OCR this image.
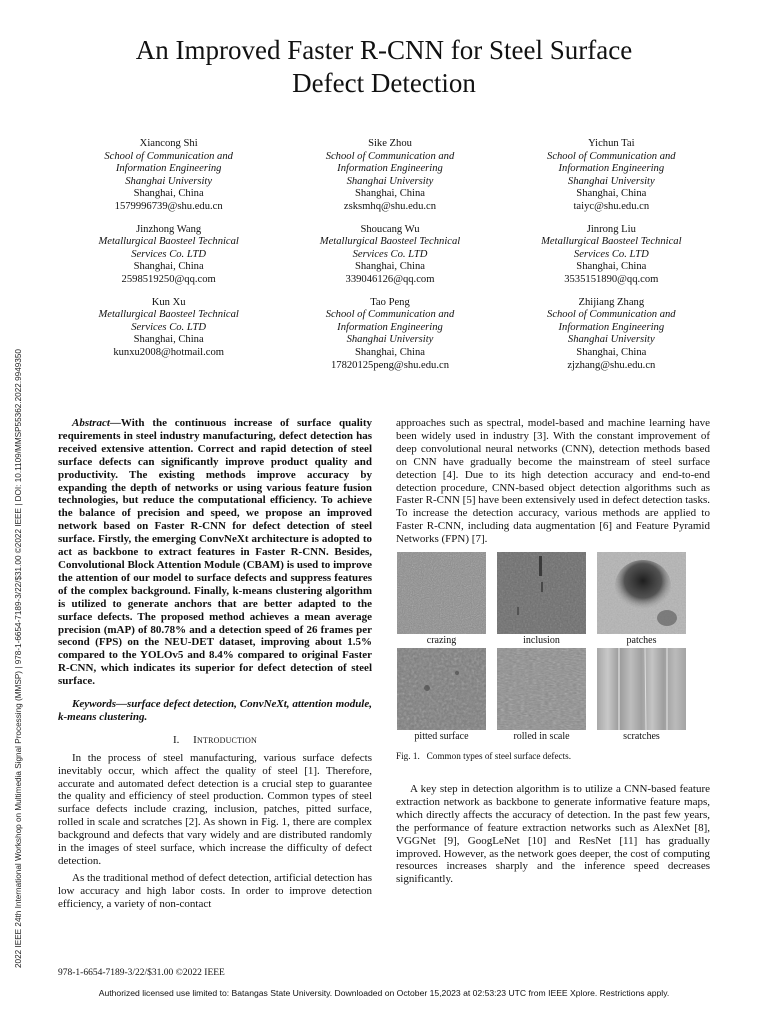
An Improved Faster R-CNN for Steel Surface
Defect Detection
Xiancong Shi
School of Communication and
Information Engineering
Shanghai University
Shanghai, China
1579996739@shu.edu.cn
Sike Zhou
School of Communication and
Information Engineering
Shanghai University
Shanghai, China
zsksmhq@shu.edu.cn
Yichun Tai
School of Communication and
Information Engineering
Shanghai University
Shanghai, China
taiyc@shu.edu.cn
Jinzhong Wang
Metallurgical Baosteel Technical
Services Co. LTD
Shanghai, China
2598519250@qq.com
Shoucang Wu
Metallurgical Baosteel Technical
Services Co. LTD
Shanghai, China
339046126@qq.com
Jinrong Liu
Metallurgical Baosteel Technical
Services Co. LTD
Shanghai, China
3535151890@qq.com
Kun Xu
Metallurgical Baosteel Technical
Services Co. LTD
Shanghai, China
kunxu2008@hotmail.com
Tao Peng
School of Communication and
Information Engineering
Shanghai University
Shanghai, China
17820125peng@shu.edu.cn
Zhijiang Zhang
School of Communication and
Information Engineering
Shanghai University
Shanghai, China
zjzhang@shu.edu.cn
2022 IEEE 24th International Workshop on Multimedia Signal Processing (MMSP) | 978-1-6654-7189-3/22/$31.00 ©2022 IEEE | DOI: 10.1109/MMSP55362.2022.9949350	Abstract—With the continuous increase of surface quality requirements in steel industry manufacturing, defect detection has received extensive attention. Correct and rapid detection of steel surface defects can significantly improve product quality and productivity. The existing methods improve accuracy by expanding the depth of networks or using various feature fusion technologies, but reduce the computational efficiency. To achieve the balance of precision and speed, we propose an improved network based on Faster R-CNN for defect detection of steel surface. Firstly, the emerging ConvNeXt architecture is adopted to act as backbone to extract features in Faster R-CNN. Besides, Convolutional Block Attention Module (CBAM) is used to improve the attention of our model to surface defects and suppress features of the complex background. Finally, k-means clustering algorithm is utilized to generate anchors that are better adapted to the surface defects. The proposed method achieves a mean average precision (mAP) of 80.78% and a detection speed of 26 frames per second (FPS) on the NEU-DET dataset, improving about 1.5% compared to the YOLOv5 and 8.4% compared to original Faster R-CNN, which indicates its superior for defect detection of steel surface.

Keywords—surface defect detection, ConvNeXt, attention module, k-means clustering.

I. Introduction

In the process of steel manufacturing, various surface defects inevitably occur, which affect the quality of steel [1]. Therefore, accurate and automated defect detection is a crucial step to guarantee the quality and efficiency of steel production. Common types of steel surface defects include crazing, inclusion, patches, pitted surface, rolled in scale and scratches [2]. As shown in Fig. 1, there are complex background and defects that vary widely and are distributed randomly in the images of steel surface, which increase the difficulty of defect detection.

As the traditional method of defect detection, artificial detection has low accuracy and high labor costs. In order to improve detection efficiency, a variety of non-contact

approaches such as spectral, model-based and machine learning have been widely used in industry [3]. With the constant improvement of deep convolutional neural networks (CNN), detection methods based on CNN have gradually become the mainstream of steel surface detection [4]. Due to its high detection accuracy and end-to-end detection procedure, CNN-based object detection algorithms such as Faster R-CNN [5] have been extensively used in defect detection tasks. To increase the detection accuracy, various methods are applied to Faster R-CNN, including data augmentation [6] and Feature Pyramid Networks (FPN) [7].

crazing	inclusion	patches
pitted surface	rolled in scale	scratches
Fig. 1. Common types of steel surface defects.

A key step in detection algorithm is to utilize a CNN-based feature extraction network as backbone to generate informative feature maps, which directly affects the accuracy of detection. In the past few years, the performance of feature extraction networks such as AlexNet [8], VGGNet [9], GoogLeNet [10] and ResNet [11] has gradually improved. However, as the network goes deeper, the cost of computing resources increases sharply and the inference speed decreases significantly.

978-1-6654-7189-3/22/$31.00 ©2022 IEEE
Authorized licensed use limited to: Batangas State University. Downloaded on October 15,2023 at 02:53:23 UTC from IEEE Xplore. Restrictions apply.
